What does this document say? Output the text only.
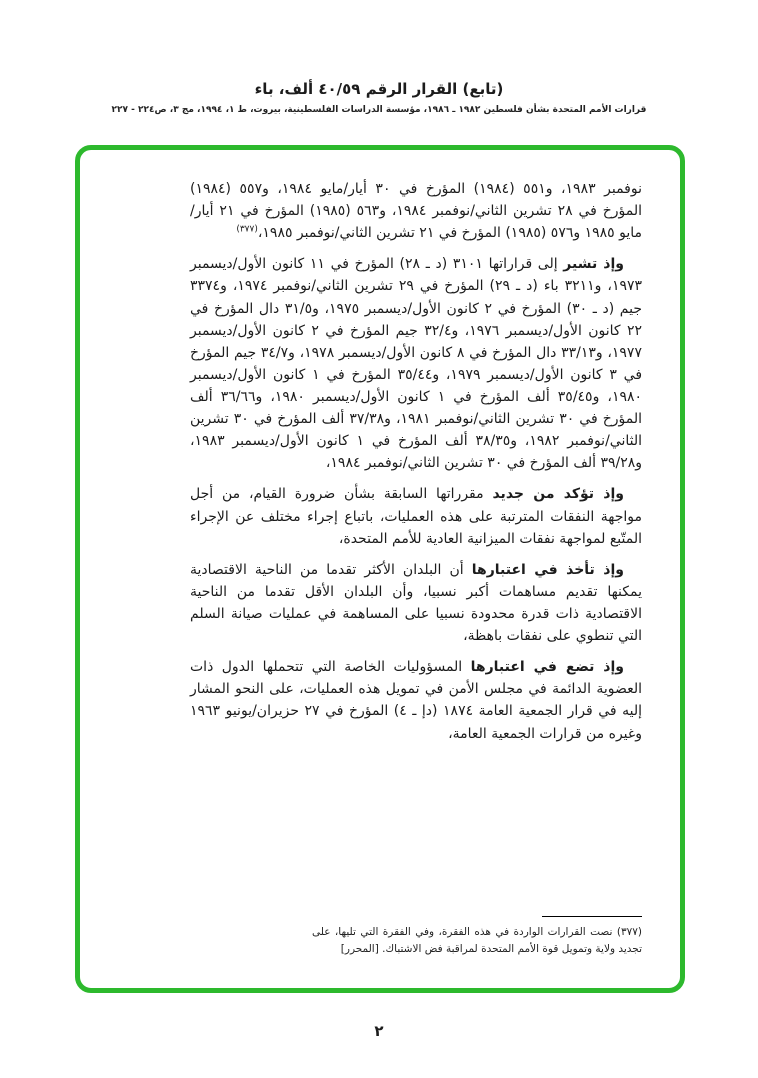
(تابع) القرار الرقم ٤٠/٥٩ ألف، باء
قرارات الأمم المتحدة بشأن فلسطين ١٩٨٢ ـ ١٩٨٦، مؤسسة الدراسات الفلسطينية، بيروت، ط ١، ١٩٩٤، مج ٣، ص٢٢٤ - ٢٢٧

نوفمبر ١٩٨٣، و٥٥١ (١٩٨٤) المؤرخ في ٣٠ أيار/مايو ١٩٨٤، و٥٥٧ (١٩٨٤) المؤرخ في ٢٨ تشرين الثاني/نوفمبر ١٩٨٤، و٥٦٣ (١٩٨٥) المؤرخ في ٢١ أيار/مايو ١٩٨٥ و٥٧٦ (١٩٨٥) المؤرخ في ٢١ تشرين الثاني/نوفمبر ١٩٨٥،$^{(٣٧٧)}$

وإذ تشير إلى قراراتها ٣١٠١ (د ـ ٢٨) المؤرخ في ١١ كانون الأول/ديسمبر ١٩٧٣، و٣٢١١ باء (د ـ ٢٩) المؤرخ في ٢٩ تشرين الثاني/نوفمبر ١٩٧٤، و٣٣٧٤ جيم (د ـ ٣٠) المؤرخ في ٢ كانون الأول/ديسمبر ١٩٧٥، و٣١/٥ دال المؤرخ في ٢٢ كانون الأول/ديسمبر ١٩٧٦، و٣٢/٤ جيم المؤرخ في ٢ كانون الأول/ديسمبر ١٩٧٧، و٣٣/١٣ دال المؤرخ في ٨ كانون الأول/ديسمبر ١٩٧٨، و٣٤/٧ جيم المؤرخ في ٣ كانون الأول/ديسمبر ١٩٧٩، و٣٥/٤٤ المؤرخ في ١ كانون الأول/ديسمبر ١٩٨٠، و٣٥/٤٥ ألف المؤرخ في ١ كانون الأول/ديسمبر ١٩٨٠، و٣٦/٦٦ ألف المؤرخ في ٣٠ تشرين الثاني/نوفمبر ١٩٨١، و٣٧/٣٨ ألف المؤرخ في ٣٠ تشرين الثاني/نوفمبر ١٩٨٢، و٣٨/٣٥ ألف المؤرخ في ١ كانون الأول/ديسمبر ١٩٨٣، و٣٩/٢٨ ألف المؤرخ في ٣٠ تشرين الثاني/نوفمبر ١٩٨٤،

وإذ تؤكد من جديد مقرراتها السابقة بشأن ضرورة القيام، من أجل مواجهة النفقات المترتبة على هذه العمليات، باتباع إجراء مختلف عن الإجراء المتّبع لمواجهة نفقات الميزانية العادية للأمم المتحدة،

وإذ تأخذ في اعتبارها أن البلدان الأكثر تقدما من الناحية الاقتصادية يمكنها تقديم مساهمات أكبر نسبيا، وأن البلدان الأقل تقدما من الناحية الاقتصادية ذات قدرة محدودة نسبيا على المساهمة في عمليات صيانة السلم التي تنطوي على نفقات باهظة،

وإذ تضع في اعتبارها المسؤوليات الخاصة التي تتحملها الدول ذات العضوية الدائمة في مجلس الأمن في تمويل هذه العمليات، على النحو المشار إليه في قرار الجمعية العامة ١٨٧٤ (دإ ـ ٤) المؤرخ في ٢٧ حزيران/يونيو ١٩٦٣ وغيره من قرارات الجمعية العامة،

(٣٧٧) نصت القرارات الواردة في هذه الفقرة، وفي الفقرة التي تليها، على تجديد ولاية وتمويل قوة الأمم المتحدة لمراقبة فض الاشتباك. [المحرر]
٢
